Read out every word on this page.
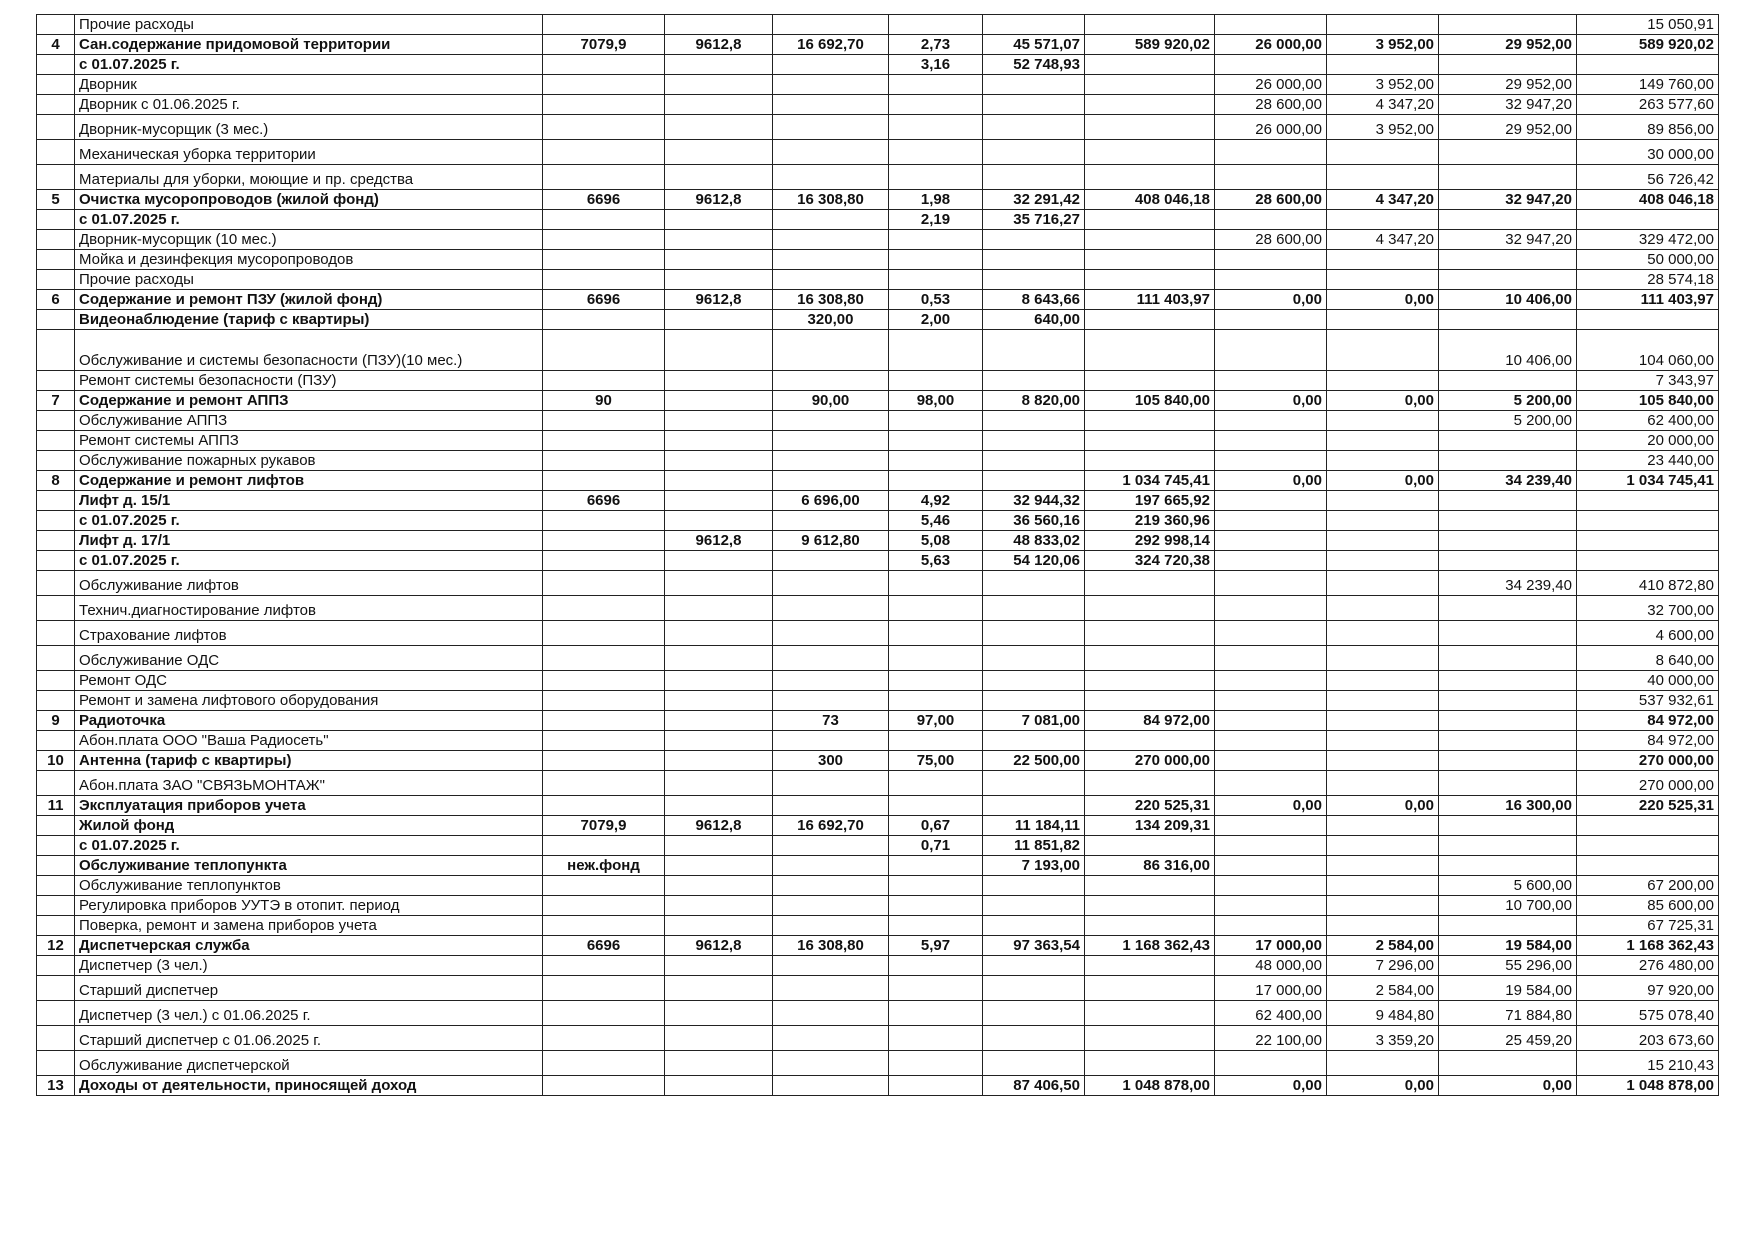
	Прочие расходы										15 050,91
4	Сан.содержание придомовой территории	7079,9	9612,8	16 692,70	2,73	45 571,07	589 920,02	26 000,00	3 952,00	29 952,00	589 920,02
	с 01.07.2025 г.				3,16	52 748,93					
	Дворник							26 000,00	3 952,00	29 952,00	149 760,00
	Дворник с 01.06.2025 г.							28 600,00	4 347,20	32 947,20	263 577,60
	Дворник-мусорщик (3 мес.)							26 000,00	3 952,00	29 952,00	89 856,00
	Механическая уборка территории										30 000,00
	Материалы для уборки, моющие и пр. средства										56 726,42
5	Очистка мусоропроводов (жилой фонд)	6696	9612,8	16 308,80	1,98	32 291,42	408 046,18	28 600,00	4 347,20	32 947,20	408 046,18
	с 01.07.2025 г.				2,19	35 716,27					
	Дворник-мусорщик (10 мес.)							28 600,00	4 347,20	32 947,20	329 472,00
	Мойка и дезинфекция мусоропроводов										50 000,00
	Прочие расходы										28 574,18
6	Содержание и ремонт ПЗУ (жилой фонд)	6696	9612,8	16 308,80	0,53	8 643,66	111 403,97	0,00	0,00	10 406,00	111 403,97
	Видеонаблюдение (тариф с квартиры)			320,00	2,00	640,00					
	Обслуживание и системы безопасности (ПЗУ)(10 мес.)									10 406,00	104 060,00
	Ремонт системы безопасности (ПЗУ)										7 343,97
7	Содержание и ремонт АППЗ	90		90,00	98,00	8 820,00	105 840,00	0,00	0,00	5 200,00	105 840,00
	Обслуживание АППЗ									5 200,00	62 400,00
	Ремонт системы АППЗ										20 000,00
	Обслуживание пожарных рукавов										23 440,00
8	Содержание и ремонт лифтов						1 034 745,41	0,00	0,00	34 239,40	1 034 745,41
	Лифт д. 15/1	6696		6 696,00	4,92	32 944,32	197 665,92				
	с 01.07.2025 г.				5,46	36 560,16	219 360,96				
	Лифт д. 17/1		9612,8	9 612,80	5,08	48 833,02	292 998,14				
	с 01.07.2025 г.				5,63	54 120,06	324 720,38				
	Обслуживание лифтов									34 239,40	410 872,80
	Технич.диагностирование лифтов										32 700,00
	Страхование лифтов										4 600,00
	Обслуживание ОДС										8 640,00
	Ремонт ОДС										40 000,00
	Ремонт и замена лифтового оборудования										537 932,61
9	Радиоточка			73	97,00	7 081,00	84 972,00				84 972,00
	Абон.плата ООО "Ваша Радиосеть"										84 972,00
10	Антенна (тариф с квартиры)			300	75,00	22 500,00	270 000,00				270 000,00
	Абон.плата ЗАО "СВЯЗЬМОНТАЖ"										270 000,00
11	Эксплуатация приборов учета						220 525,31	0,00	0,00	16 300,00	220 525,31
	Жилой фонд	7079,9	9612,8	16 692,70	0,67	11 184,11	134 209,31				
	с 01.07.2025 г.				0,71	11 851,82					
	Обслуживание теплопункта	неж.фонд				7 193,00	86 316,00				
	Обслуживание теплопунктов									5 600,00	67 200,00
	Регулировка приборов УУТЭ в отопит. период									10 700,00	85 600,00
	Поверка, ремонт и замена приборов учета										67 725,31
12	Диспетчерская служба	6696	9612,8	16 308,80	5,97	97 363,54	1 168 362,43	17 000,00	2 584,00	19 584,00	1 168 362,43
	Диспетчер (3 чел.)							48 000,00	7 296,00	55 296,00	276 480,00
	Старший диспетчер							17 000,00	2 584,00	19 584,00	97 920,00
	Диспетчер (3 чел.) с 01.06.2025 г.							62 400,00	9 484,80	71 884,80	575 078,40
	Старший диспетчер с 01.06.2025 г.							22 100,00	3 359,20	25 459,20	203 673,60
	Обслуживание диспетчерской										15 210,43
13	Доходы от деятельности, приносящей доход					87 406,50	1 048 878,00	0,00	0,00	0,00	1 048 878,00
